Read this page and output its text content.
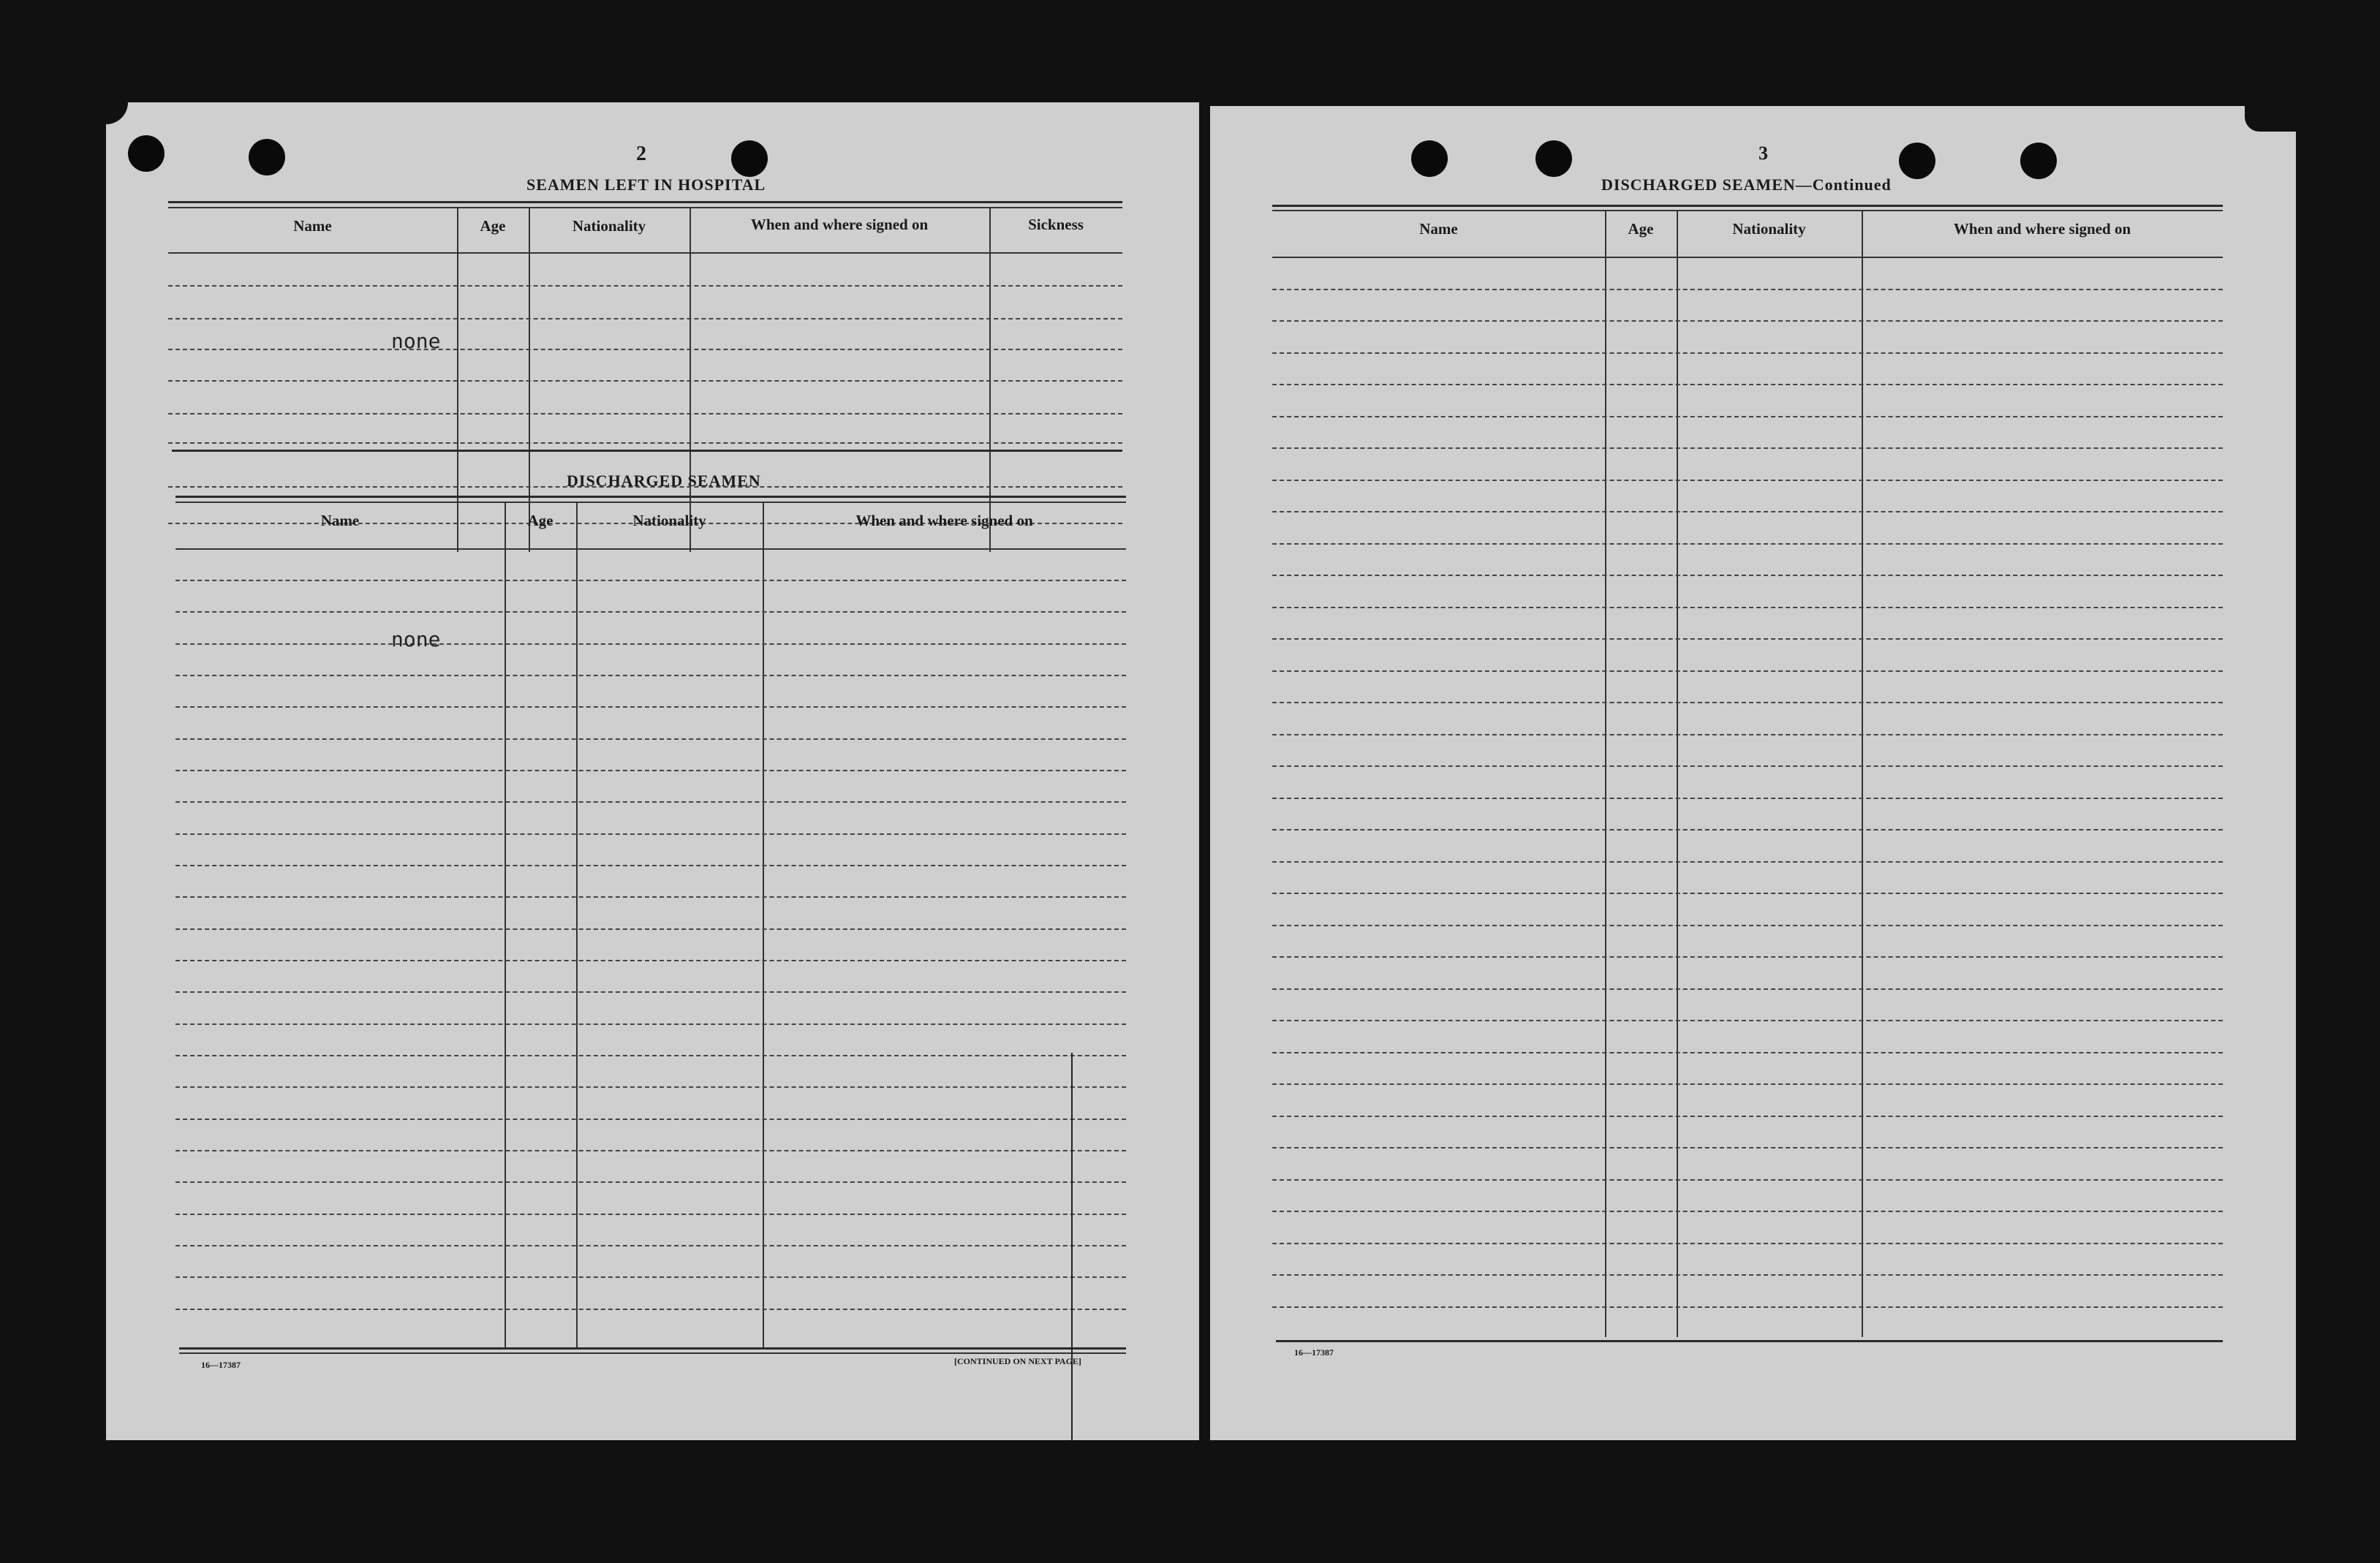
2
SEAMEN LEFT IN HOSPITAL
Name	Age	Nationality	When and where signed on	Sickness
none
DISCHARGED SEAMEN
Name	Age	Nationality	When and where signed on
none
16—17387	[CONTINUED ON NEXT PAGE]
3
DISCHARGED SEAMEN—Continued
Name	Age	Nationality	When and where signed on
16—17387
